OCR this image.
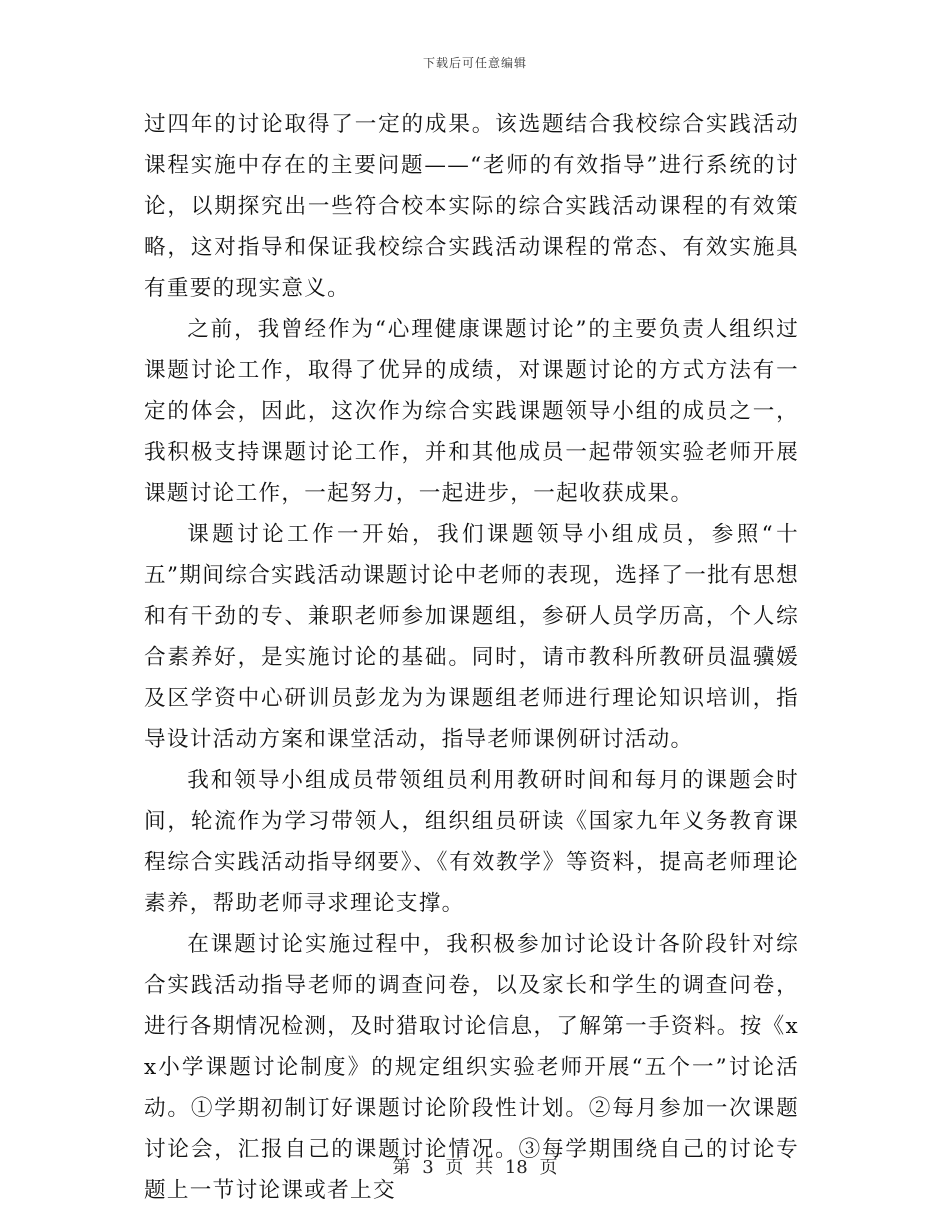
下载后可任意编辑

过四年的讨论取得了一定的成果。该选题结合我校综合实践活动课程实施中存在的主要问题——“老师的有效指导”进行系统的讨论，以期探究出一些符合校本实际的综合实践活动课程的有效策略，这对指导和保证我校综合实践活动课程的常态、有效实施具有重要的现实意义。

之前，我曾经作为“心理健康课题讨论”的主要负责人组织过课题讨论工作，取得了优异的成绩，对课题讨论的方式方法有一定的体会，因此，这次作为综合实践课题领导小组的成员之一，我积极支持课题讨论工作，并和其他成员一起带领实验老师开展课题讨论工作，一起努力，一起进步，一起收获成果。

课题讨论工作一开始，我们课题领导小组成员，参照“十五”期间综合实践活动课题讨论中老师的表现，选择了一批有思想和有干劲的专、兼职老师参加课题组，参研人员学历高，个人综合素养好，是实施讨论的基础。同时，请市教科所教研员温骥媛及区学资中心研训员彭龙为为课题组老师进行理论知识培训，指导设计活动方案和课堂活动，指导老师课例研讨活动。

我和领导小组成员带领组员利用教研时间和每月的课题会时间，轮流作为学习带领人，组织组员研读《国家九年义务教育课程综合实践活动指导纲要》、《有效教学》等资料，提高老师理论素养，帮助老师寻求理论支撑。

在课题讨论实施过程中，我积极参加讨论设计各阶段针对综合实践活动指导老师的调查问卷，以及家长和学生的调查问卷，进行各期情况检测，及时猎取讨论信息，了解第一手资料。按《xx小学课题讨论制度》的规定组织实验老师开展“五个一”讨论活动。①学期初制订好课题讨论阶段性计划。②每月参加一次课题讨论会，汇报自己的课题讨论情况。③每学期围绕自己的讨论专题上一节讨论课或者上交

第 3 页 共 18 页
